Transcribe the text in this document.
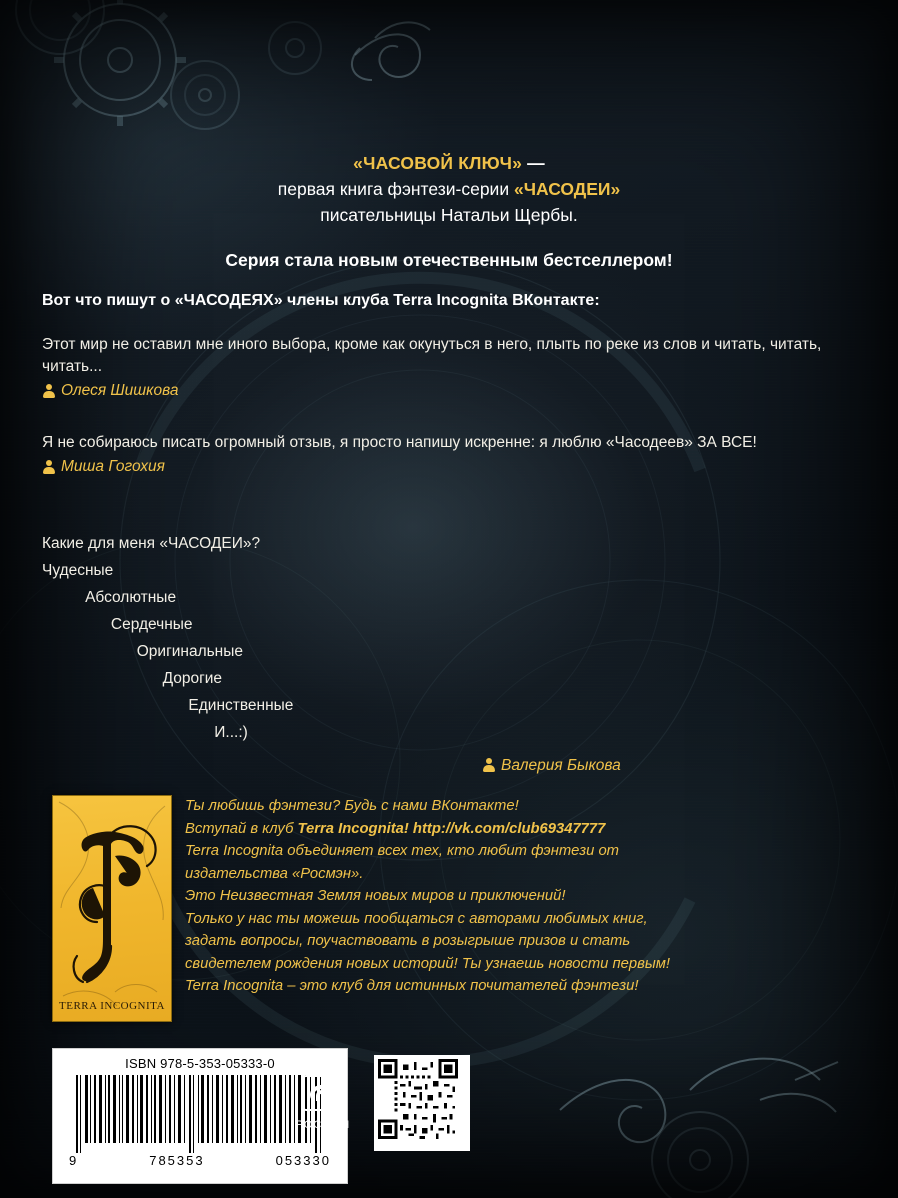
«ЧАСОВОЙ КЛЮЧ» —
первая книга фэнтези-серии «ЧАСОДЕИ»
писательницы Натальи Щербы.
Серия стала новым отечественным бестселлером!
Вот что пишут о «ЧАСОДЕЯХ» члены клуба Terra Incognita ВКонтакте:
Этот мир не оставил мне иного выбора, кроме как окунуться в него, плыть по реке из слов и читать, читать, читать...
Олеся Шишкова
Я не собираюсь писать огромный отзыв, я просто напишу искренне: я люблю «Часодеев» ЗА ВСЕ!
Миша Гогохия
Какие для меня «ЧАСОДЕИ»?
Чудесные
Абсолютные
Сердечные
Оригинальные
Дорогие
Единственные
И...:)
Валерия Быкова
TERRA INCOGNITA
Ты любишь фэнтези? Будь с нами ВКонтакте!
Вступай в клуб Terra Incognita! http://vk.com/club69347777
Terra Incognita объединяет всех тех, кто любит фэнтези от
издательства «Росмэн».
Это Неизвестная Земля новых миров и приключений!
Только у нас ты можешь пообщаться с авторами любимых книг,
задать вопросы, поучаствовать в розыгрыше призов и стать
свидетелем рождения новых историй! Ты узнаешь новости первым!
Terra Incognita – это клуб для истинных почитателей фэнтези!
ISBN 978-5-353-05333-0
9	785353	053330
РОСМЭН
